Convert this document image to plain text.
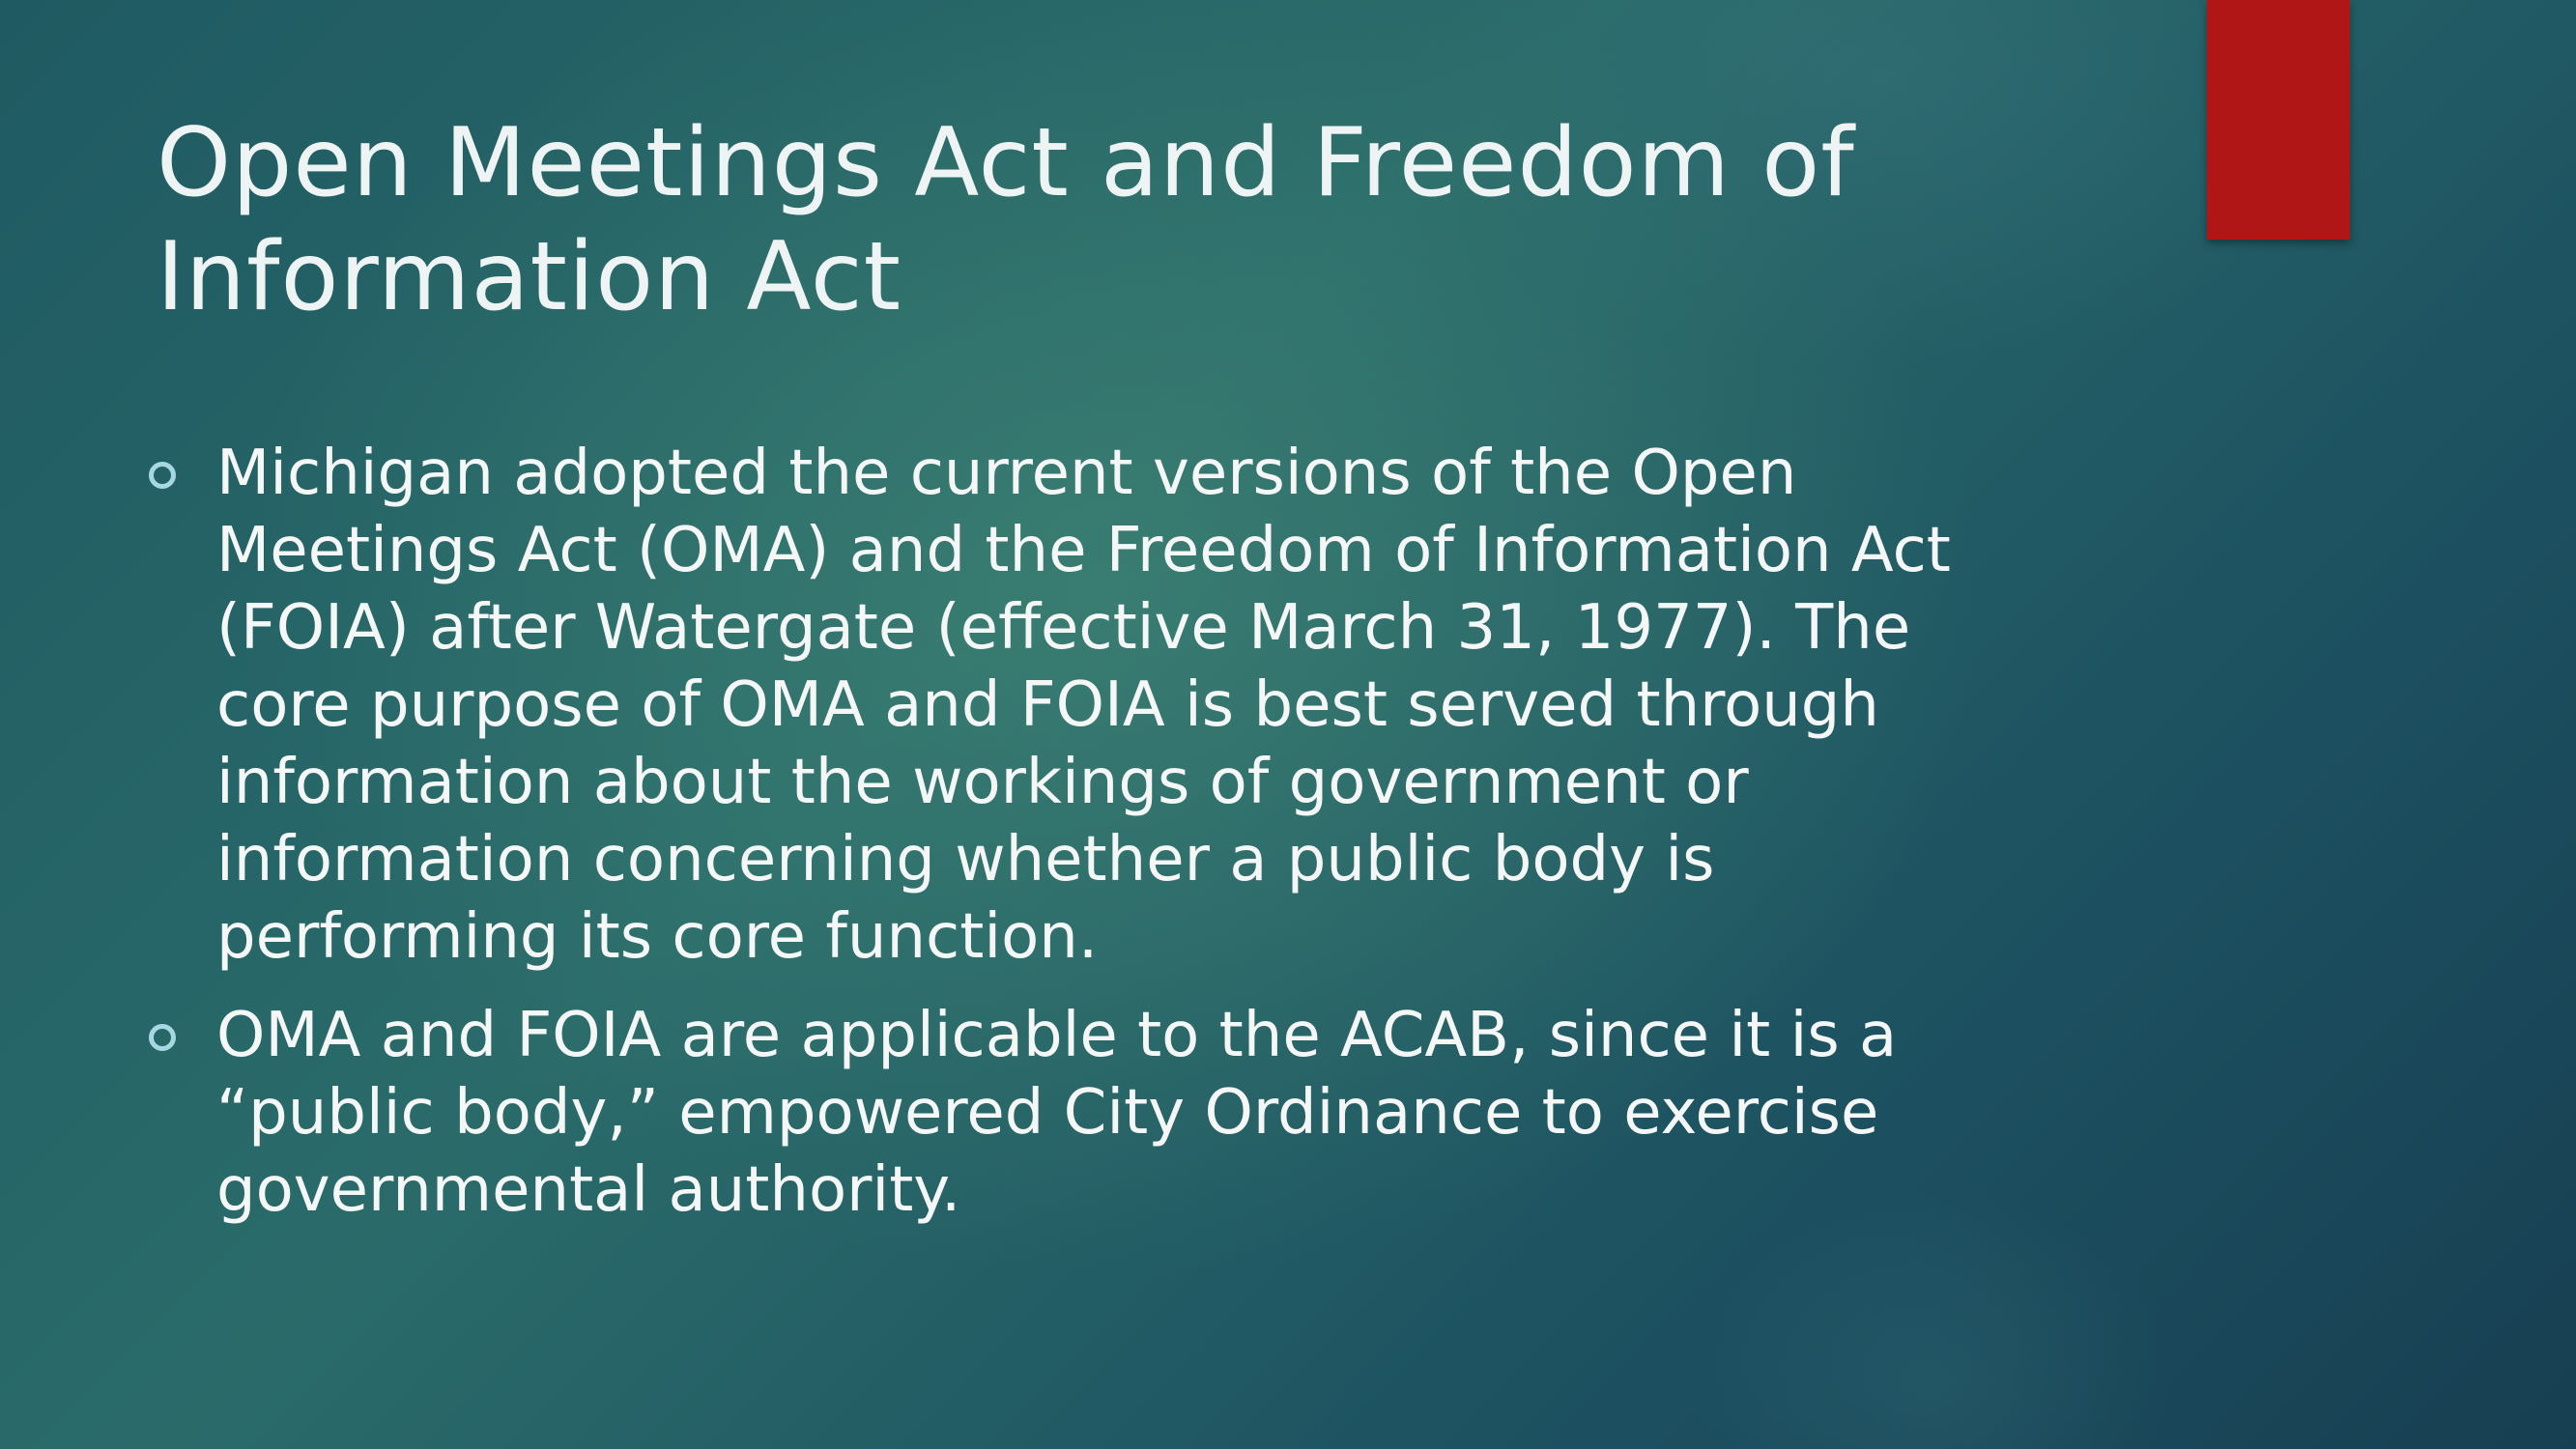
Open Meetings Act and Freedom of Information Act
Michigan adopted the current versions of the Open Meetings Act (OMA) and the Freedom of Information Act (FOIA) after Watergate (effective March 31, 1977). The core purpose of OMA and FOIA is best served through information about the workings of government or information concerning whether a public body is performing its core function.
OMA and FOIA are applicable to the ACAB, since it is a “public body,” empowered City Ordinance to exercise governmental authority.
